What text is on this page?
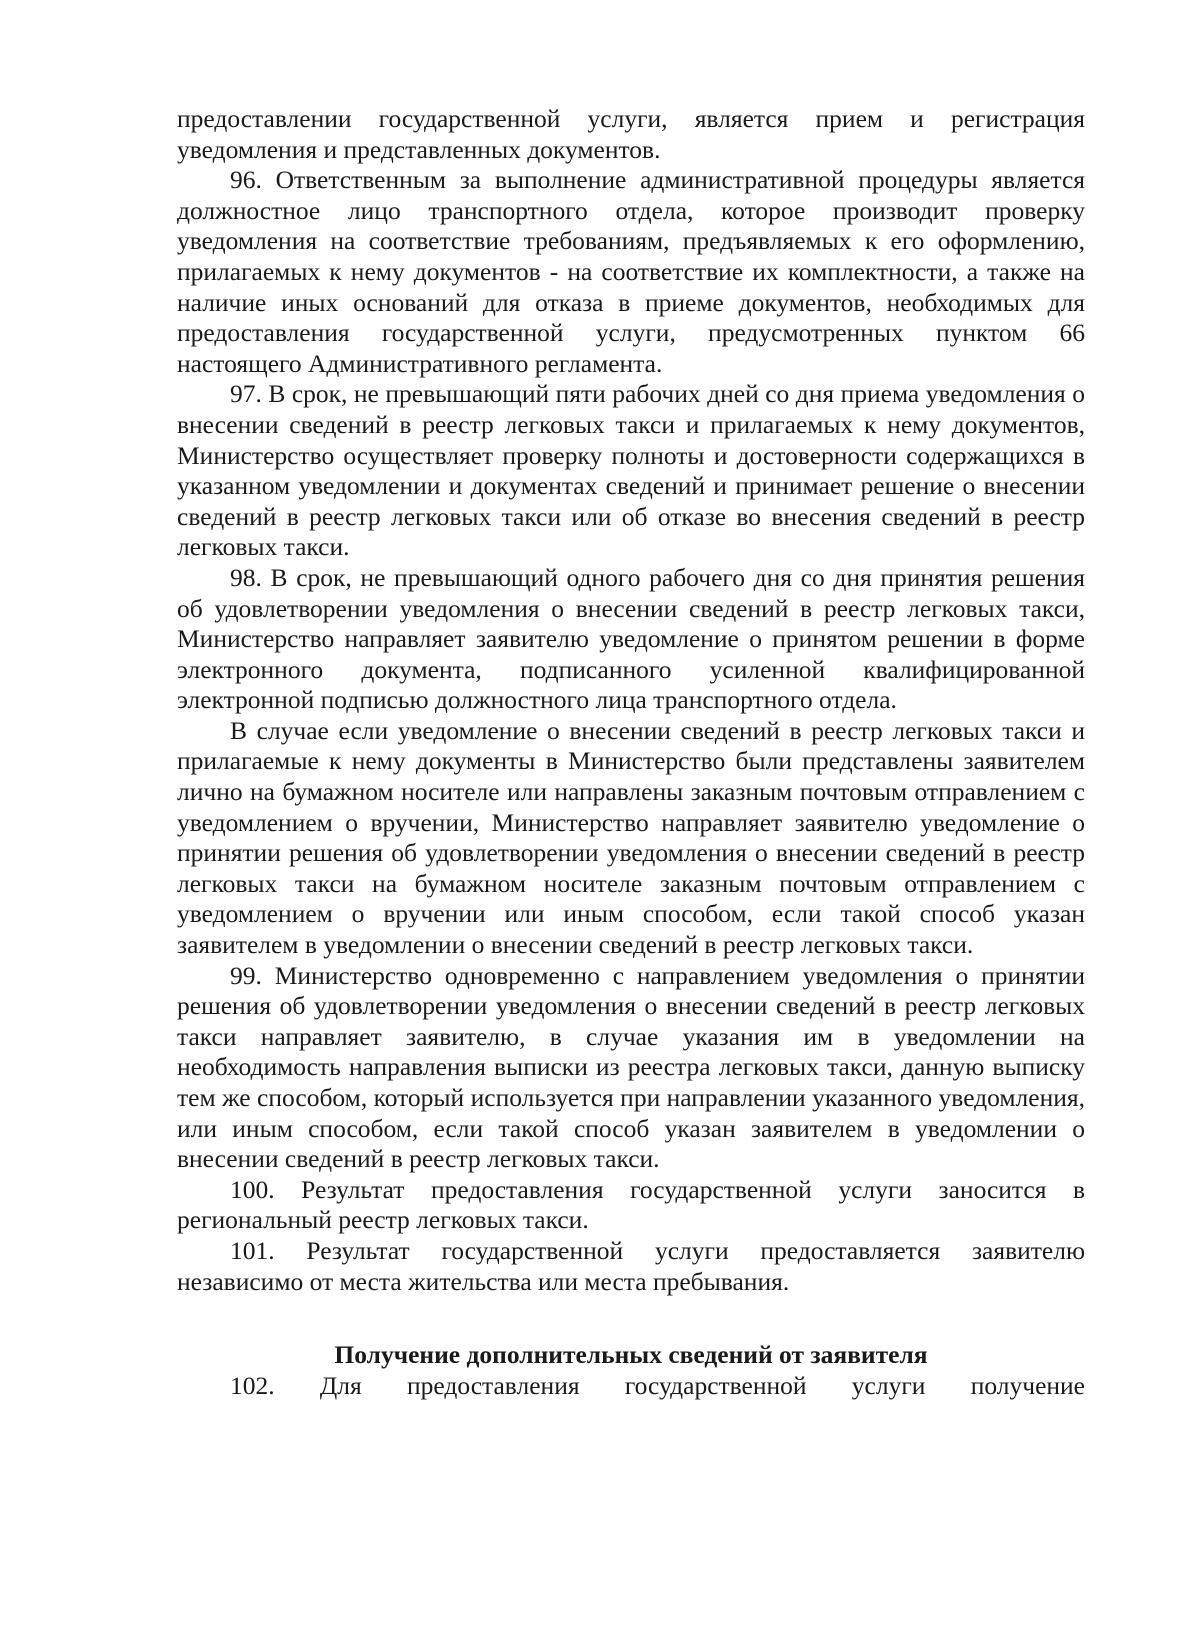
предоставлении государственной услуги, является прием и регистрация уведомления и представленных документов.

96. Ответственным за выполнение административной процедуры является должностное лицо транспортного отдела, которое производит проверку уведомления на соответствие требованиям, предъявляемых к его оформлению, прилагаемых к нему документов - на соответствие их комплектности, а также на наличие иных оснований для отказа в приеме документов, необходимых для предоставления государственной услуги, предусмотренных пунктом 66 настоящего Административного регламента.

97. В срок, не превышающий пяти рабочих дней со дня приема уведомления о внесении сведений в реестр легковых такси и прилагаемых к нему документов, Министерство осуществляет проверку полноты и достоверности содержащихся в указанном уведомлении и документах сведений и принимает решение о внесении сведений в реестр легковых такси или об отказе во внесения сведений в реестр легковых такси.

98. В срок, не превышающий одного рабочего дня со дня принятия решения об удовлетворении уведомления о внесении сведений в реестр легковых такси, Министерство направляет заявителю уведомление о принятом решении в форме электронного документа, подписанного усиленной квалифицированной электронной подписью должностного лица транспортного отдела.

В случае если уведомление о внесении сведений в реестр легковых такси и прилагаемые к нему документы в Министерство были представлены заявителем лично на бумажном носителе или направлены заказным почтовым отправлением с уведомлением о вручении, Министерство направляет заявителю уведомление о принятии решения об удовлетворении уведомления о внесении сведений в реестр легковых такси на бумажном носителе заказным почтовым отправлением с уведомлением о вручении или иным способом, если такой способ указан заявителем в уведомлении о внесении сведений в реестр легковых такси.

99. Министерство одновременно с направлением уведомления о принятии решения об удовлетворении уведомления о внесении сведений в реестр легковых такси направляет заявителю, в случае указания им в уведомлении на необходимость направления выписки из реестра легковых такси, данную выписку тем же способом, который используется при направлении указанного уведомления, или иным способом, если такой способ указан заявителем в уведомлении о внесении сведений в реестр легковых такси.

100. Результат предоставления государственной услуги заносится в региональный реестр легковых такси.

101. Результат государственной услуги предоставляется заявителю независимо от места жительства или места пребывания.

Получение дополнительных сведений от заявителя

102. Для предоставления государственной услуги получение
